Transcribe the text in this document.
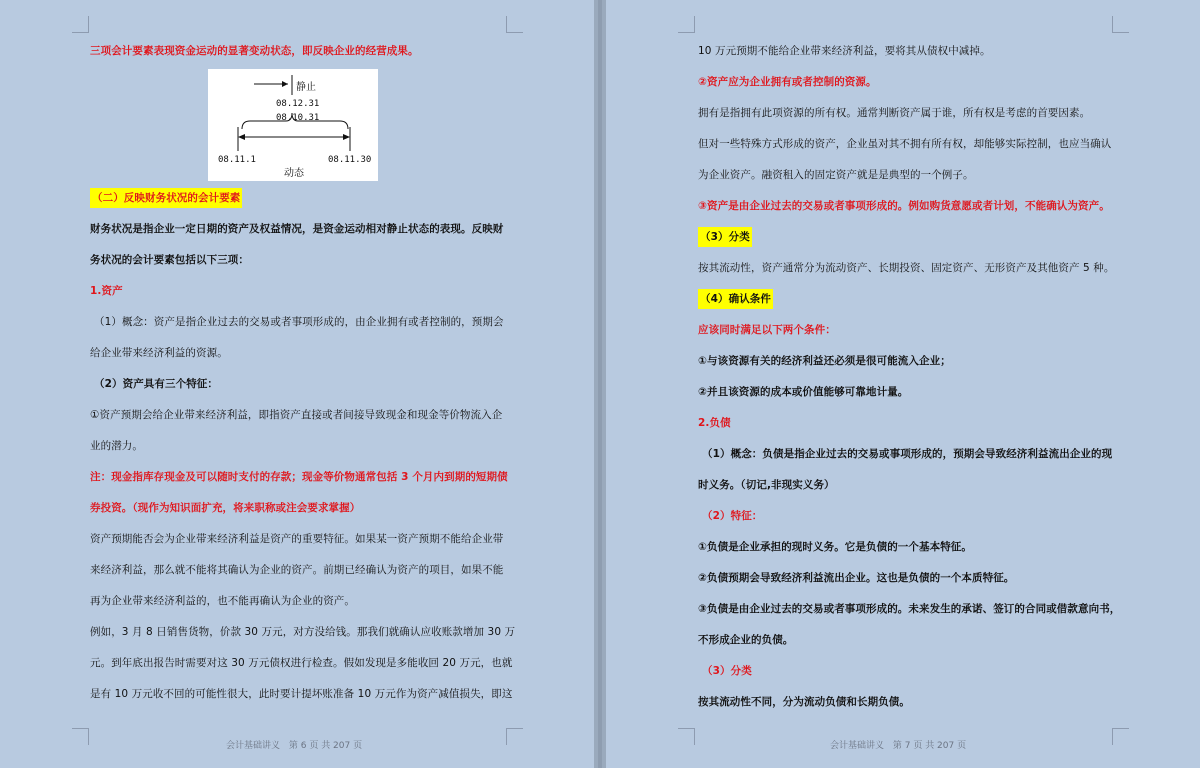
三项会计要素表现资金运动的显著变动状态，即反映企业的经营成果。
静止
08.12.31
08.10.31
08.11.1	08.11.30
动态
（二）反映财务状况的会计要素
财务状况是指企业一定日期的资产及权益情况，是资金运动相对静止状态的表现。反映财
务状况的会计要素包括以下三项：
1.资产
（1）概念：资产是指企业过去的交易或者事项形成的，由企业拥有或者控制的，预期会
给企业带来经济利益的资源。
（2）资产具有三个特征：
①资产预期会给企业带来经济利益，即指资产直接或者间接导致现金和现金等价物流入企
业的潜力。
注：现金指库存现金及可以随时支付的存款；现金等价物通常包括 3 个月内到期的短期债
券投资。（现作为知识面扩充，将来职称或注会要求掌握）
资产预期能否会为企业带来经济利益是资产的重要特征。如果某一资产预期不能给企业带
来经济利益，那么就不能将其确认为企业的资产。前期已经确认为资产的项目，如果不能
再为企业带来经济利益的，也不能再确认为企业的资产。
例如，3 月 8 日销售货物，价款 30 万元，对方没给钱。那我们就确认应收账款增加 30 万
元。到年底出报告时需要对这 30 万元债权进行检查。假如发现是多能收回 20 万元，也就
是有 10 万元收不回的可能性很大，此时要计提坏账准备 10 万元作为资产减值损失，即这
会计基础讲义 第 6 页 共 207 页
10 万元预期不能给企业带来经济利益，要将其从债权中减掉。
②资产应为企业拥有或者控制的资源。
拥有是指拥有此项资源的所有权。通常判断资产属于谁，所有权是考虑的首要因素。
但对一些特殊方式形成的资产，企业虽对其不拥有所有权，却能够实际控制，也应当确认
为企业资产。融资租入的固定资产就是是典型的一个例子。
③资产是由企业过去的交易或者事项形成的。例如购货意愿或者计划，不能确认为资产。
（3）分类
按其流动性，资产通常分为流动资产、长期投资、固定资产、无形资产及其他资产 5 种。
（4）确认条件
应该同时满足以下两个条件：
①与该资源有关的经济利益还必须是很可能流入企业；
②并且该资源的成本或价值能够可靠地计量。
2.负债
（1）概念：负债是指企业过去的交易或事项形成的，预期会导致经济利益流出企业的现
时义务。（切记,非现实义务）
（2）特征：
①负债是企业承担的现时义务。它是负债的一个基本特征。
②负债预期会导致经济利益流出企业。这也是负债的一个本质特征。
③负债是由企业过去的交易或者事项形成的。未来发生的承诺、签订的合同或借款意向书，
不形成企业的负债。
（3）分类
按其流动性不同，分为流动负债和长期负债。
会计基础讲义 第 7 页 共 207 页
